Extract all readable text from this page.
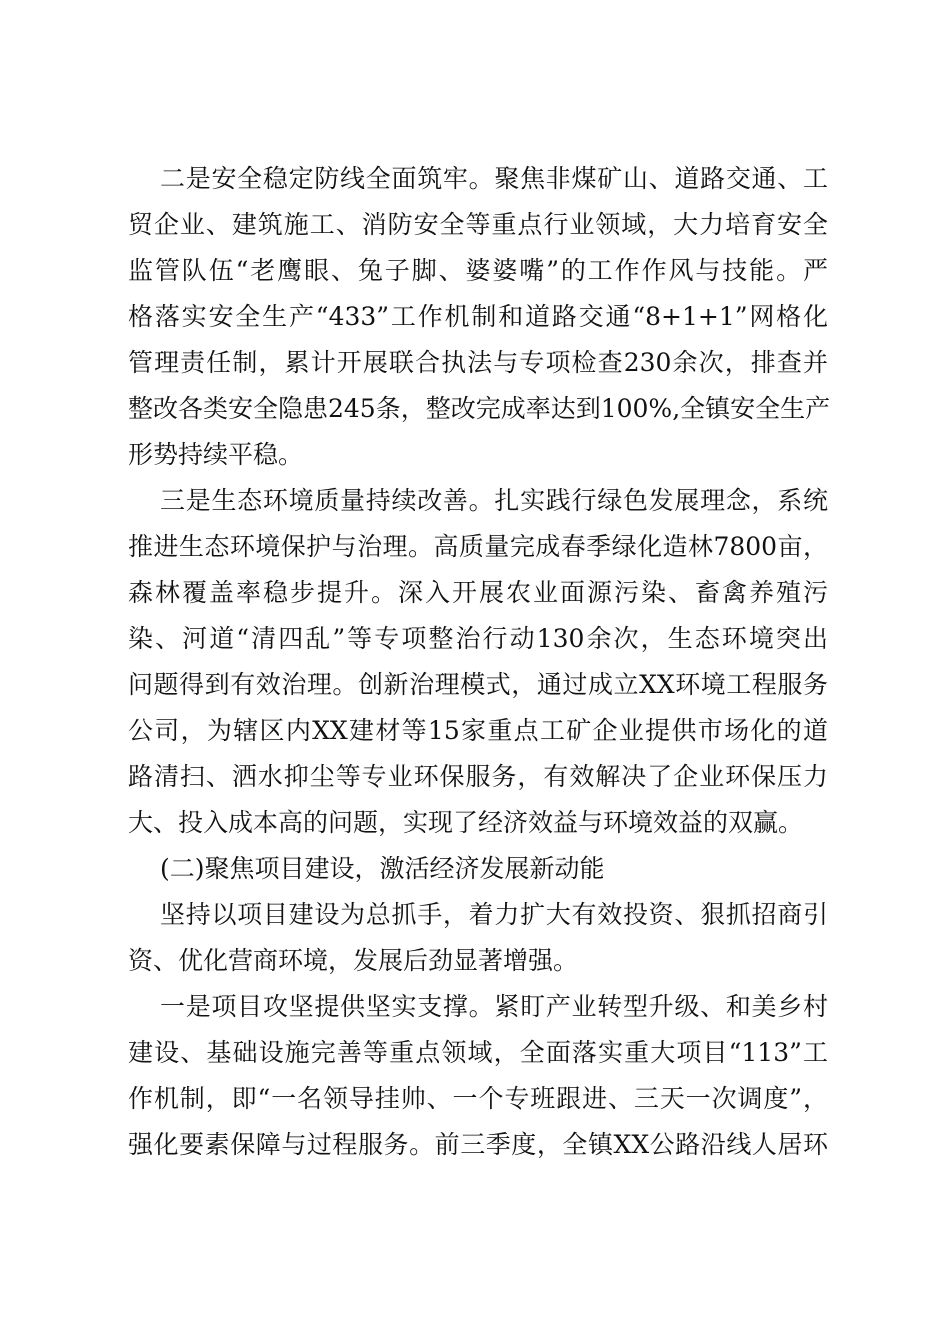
二是安全稳定防线全面筑牢。聚焦非煤矿山、道路交通、工
贸企业、建筑施工、消防安全等重点行业领域，大力培育安全
监管队伍“老鹰眼、兔子脚、婆婆嘴”的工作作风与技能。严
格落实安全生产“433”工作机制和道路交通“8+1+1”网格化
管理责任制，累计开展联合执法与专项检查230余次，排查并
整改各类安全隐患245条，整改完成率达到100%,全镇安全生产
形势持续平稳。
三是生态环境质量持续改善。扎实践行绿色发展理念，系统
推进生态环境保护与治理。高质量完成春季绿化造林7800亩，
森林覆盖率稳步提升。深入开展农业面源污染、畜禽养殖污
染、河道“清四乱”等专项整治行动130余次，生态环境突出
问题得到有效治理。创新治理模式，通过成立XX环境工程服务
公司，为辖区内XX建材等15家重点工矿企业提供市场化的道
路清扫、洒水抑尘等专业环保服务，有效解决了企业环保压力
大、投入成本高的问题，实现了经济效益与环境效益的双赢。
(二)聚焦项目建设，激活经济发展新动能
坚持以项目建设为总抓手，着力扩大有效投资、狠抓招商引
资、优化营商环境，发展后劲显著增强。
一是项目攻坚提供坚实支撑。紧盯产业转型升级、和美乡村
建设、基础设施完善等重点领域，全面落实重大项目“113”工
作机制，即“一名领导挂帅、一个专班跟进、三天一次调度”，
强化要素保障与过程服务。前三季度，全镇XX公路沿线人居环
